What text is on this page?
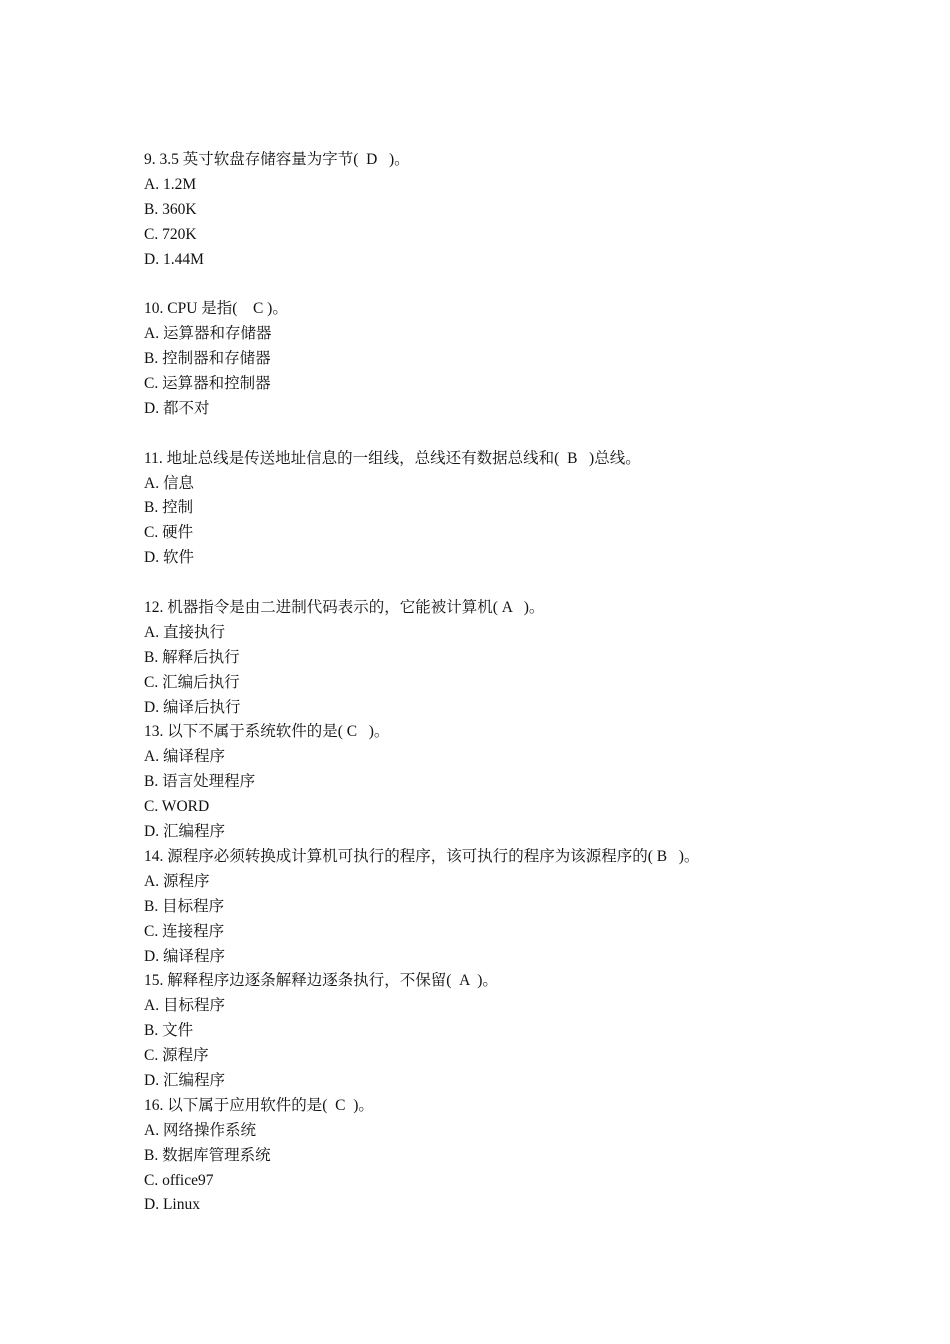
9. 3.5 英寸软盘存储容量为字节(  D   )。
A. 1.2M
B. 360K
C. 720K
D. 1.44M
10. CPU 是指(    C )。
A. 运算器和存储器
B. 控制器和存储器
C. 运算器和控制器
D. 都不对
11. 地址总线是传送地址信息的一组线，总线还有数据总线和(  B   )总线。
A. 信息
B. 控制
C. 硬件
D. 软件
12. 机器指令是由二进制代码表示的，它能被计算机( A   )。
A. 直接执行
B. 解释后执行
C. 汇编后执行
D. 编译后执行
13. 以下不属于系统软件的是( C   )。
A. 编译程序
B. 语言处理程序
C. WORD
D. 汇编程序
14. 源程序必须转换成计算机可执行的程序，该可执行的程序为该源程序的( B   )。
A. 源程序
B. 目标程序
C. 连接程序
D. 编译程序
15. 解释程序边逐条解释边逐条执行，不保留(  A  )。
A. 目标程序
B. 文件
C. 源程序
D. 汇编程序
16. 以下属于应用软件的是(  C  )。
A. 网络操作系统
B. 数据库管理系统
C. office97
D. Linux
